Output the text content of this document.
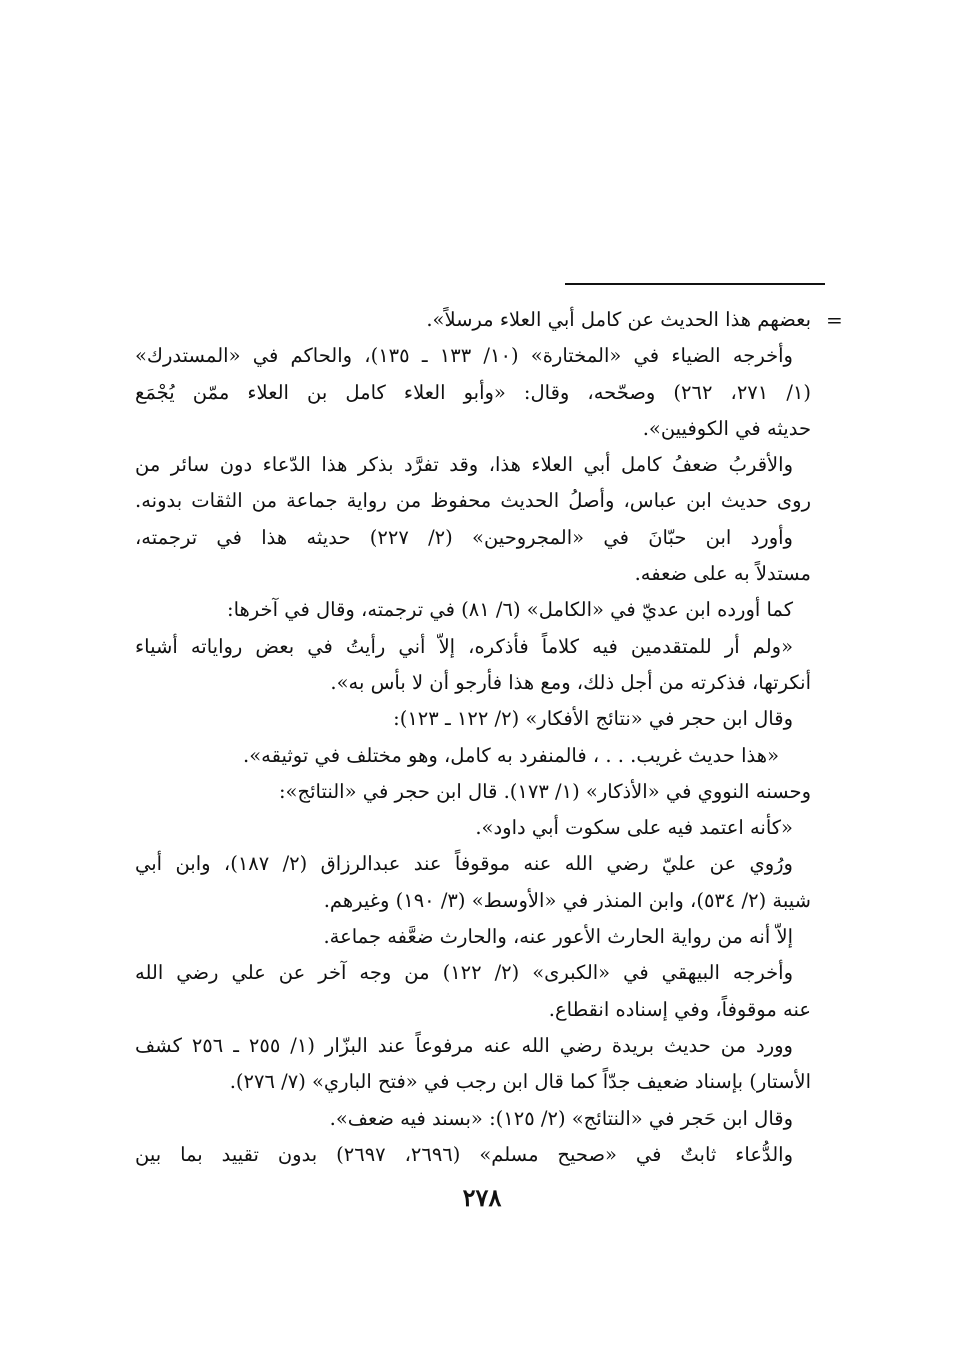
=
بعضهم هذا الحديث عن كامل أبي العلاء مرسلاً».
وأخرجه الضياء في «المختارة» (١٠/ ١٣٣ ـ ١٣٥)، والحاكم في «المستدرك»
(١/ ٢٧١، ٢٦٢) وصحّحه، وقال: «وأبو العلاء كامل بن العلاء ممّن يُجْمَع
حديثه في الكوفيين».
والأقربُ ضعفُ كامل أبي العلاء هذا، وقد تفرَّد بذكر هذا الدّعاء دون سائر من
روى حديث ابن عباس، وأصلُ الحديث محفوظ من رواية جماعة من الثقات بدونه.
وأورد ابن حبّانَ في «المجروحين» (٢/ ٢٢٧) حديثه هذا في ترجمته،
مستدلاً به على ضعفه.
كما أورده ابن عديّ في «الكامل» (٦/ ٨١) في ترجمته، وقال في آخرها:
«ولم أر للمتقدمين فيه كلاماً فأذكره، إلاّ أني رأيتُ في بعض رواياته أشياء
أنكرتها، فذكرته من أجل ذلك، ومع هذا فأرجو أن لا بأس به».
وقال ابن حجر في «نتائج الأفكار» (٢/ ١٢٢ ـ ١٢٣):
«هذا حديث غريب. . . ، فالمنفرد به كامل، وهو مختلف في توثيقه».
وحسنه النووي في «الأذكار» (١/ ١٧٣). قال ابن حجر في «النتائج»:
«كأنه اعتمد فيه على سكوت أبي داود».
ورُوي عن عليّ رضي الله عنه موقوفاً عند عبدالرزاق (٢/ ١٨٧)، وابن أبي
شيبة (٢/ ٥٣٤)، وابن المنذر في «الأوسط» (٣/ ١٩٠) وغيرهم.
إلاّ أنه من رواية الحارث الأعور عنه، والحارث ضعَّفه جماعة.
وأخرجه البيهقي في «الكبرى» (٢/ ١٢٢) من وجه آخر عن علي رضي الله
عنه موقوفاً، وفي إسناده انقطاع.
وورد من حديث بريدة رضي الله عنه مرفوعاً عند البزّار (١/ ٢٥٥ ـ ٢٥٦ كشف
الأستار) بإسناد ضعيف جدّاً كما قال ابن رجب في «فتح الباري» (٧/ ٢٧٦).
وقال ابن حَجر في «النتائج» (٢/ ١٢٥): «بسند فيه ضعف».
والدُّعاء ثابتٌ في «صحيح مسلم» (٢٦٩٦، ٢٦٩٧) بدون تقييد بما بين
٢٧٨
